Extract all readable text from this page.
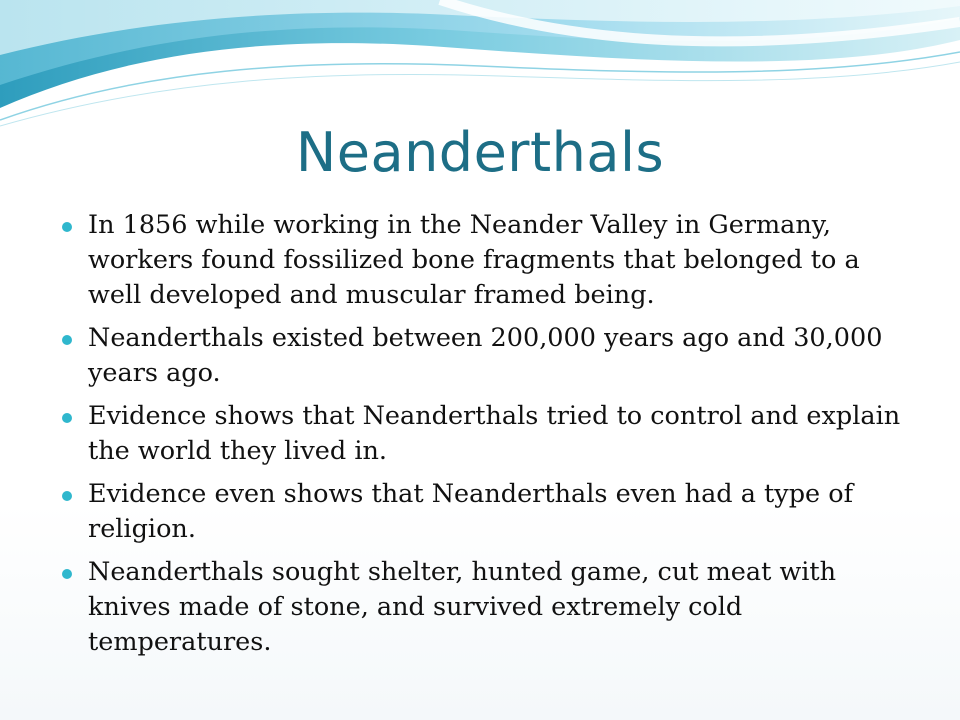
Neanderthals
In 1856 while working in the Neander Valley in Germany, workers found fossilized bone fragments that belonged to a well developed and muscular framed being.
Neanderthals existed between 200,000 years ago and 30,000 years ago.
Evidence shows that Neanderthals tried to control and explain the world they lived in.
Evidence even shows that Neanderthals even had a type of religion.
Neanderthals sought shelter, hunted game, cut meat with knives made of stone, and survived extremely cold temperatures.
